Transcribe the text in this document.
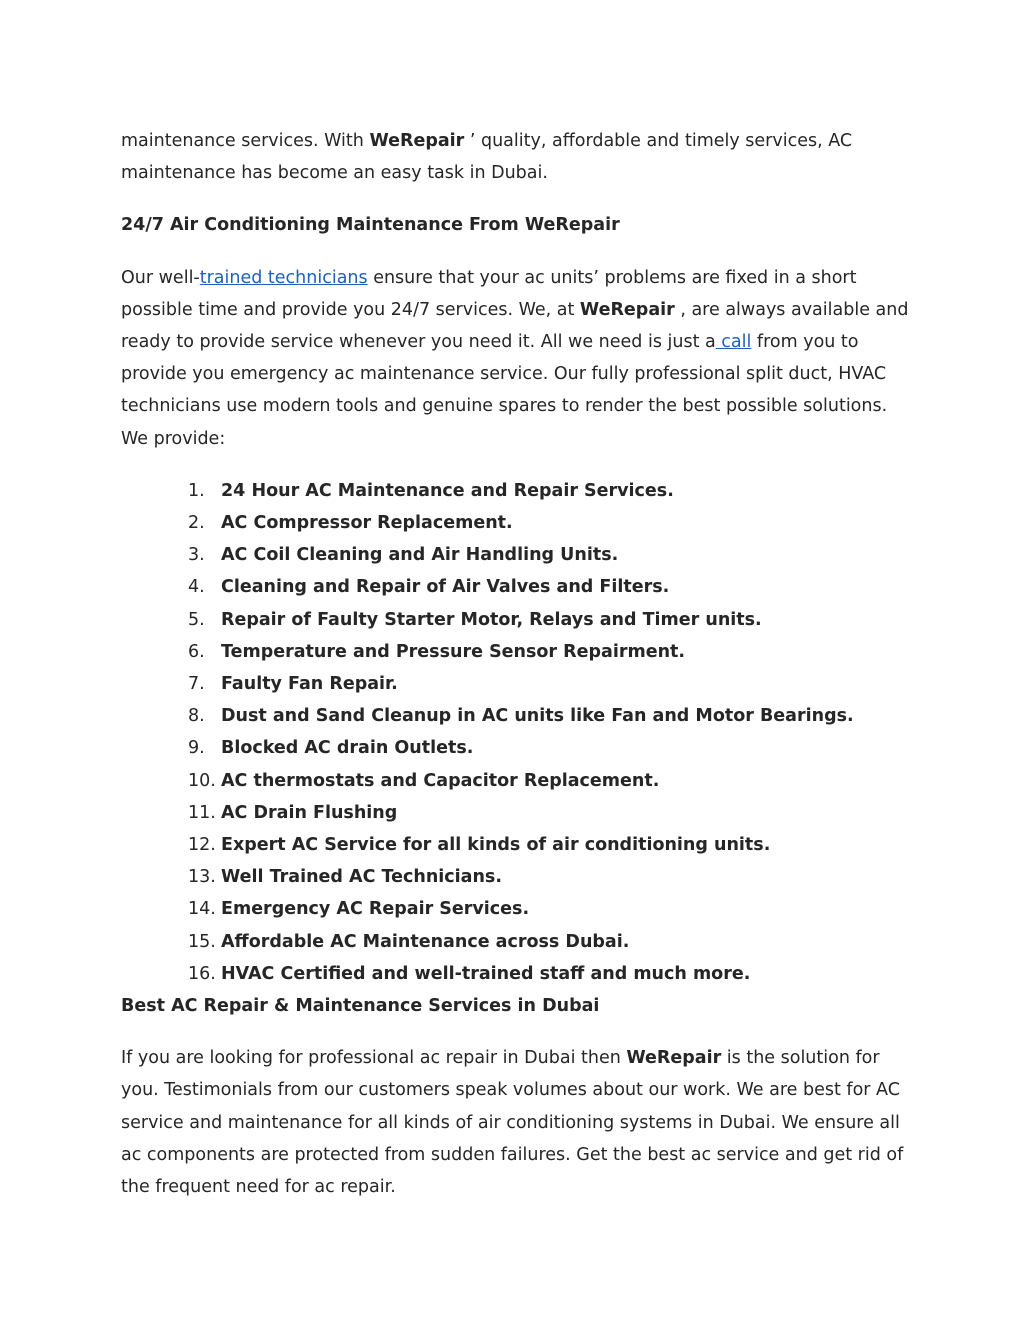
maintenance services. With WeRepair ’ quality, affordable and timely services, AC maintenance has become an easy task in Dubai.

24/7 Air Conditioning Maintenance From WeRepair

Our well-trained technicians ensure that your ac units’ problems are fixed in a short possible time and provide you 24/7 services. We, at WeRepair , are always available and ready to provide service whenever you need it. All we need is just a call from you to provide you emergency ac maintenance service. Our fully professional split duct, HVAC technicians use modern tools and genuine spares to render the best possible solutions. We provide:

1. 24 Hour AC Maintenance and Repair Services.
2. AC Compressor Replacement.
3. AC Coil Cleaning and Air Handling Units.
4. Cleaning and Repair of Air Valves and Filters.
5. Repair of Faulty Starter Motor, Relays and Timer units.
6. Temperature and Pressure Sensor Repairment.
7. Faulty Fan Repair.
8. Dust and Sand Cleanup in AC units like Fan and Motor Bearings.
9. Blocked AC drain Outlets.
10. AC thermostats and Capacitor Replacement.
11. AC Drain Flushing
12. Expert AC Service for all kinds of air conditioning units.
13. Well Trained AC Technicians.
14. Emergency AC Repair Services.
15. Affordable AC Maintenance across Dubai.
16. HVAC Certified and well-trained staff and much more.
Best AC Repair & Maintenance Services in Dubai

If you are looking for professional ac repair in Dubai then WeRepair is the solution for you. Testimonials from our customers speak volumes about our work. We are best for AC service and maintenance for all kinds of air conditioning systems in Dubai. We ensure all ac components are protected from sudden failures. Get the best ac service and get rid of the frequent need for ac repair.
